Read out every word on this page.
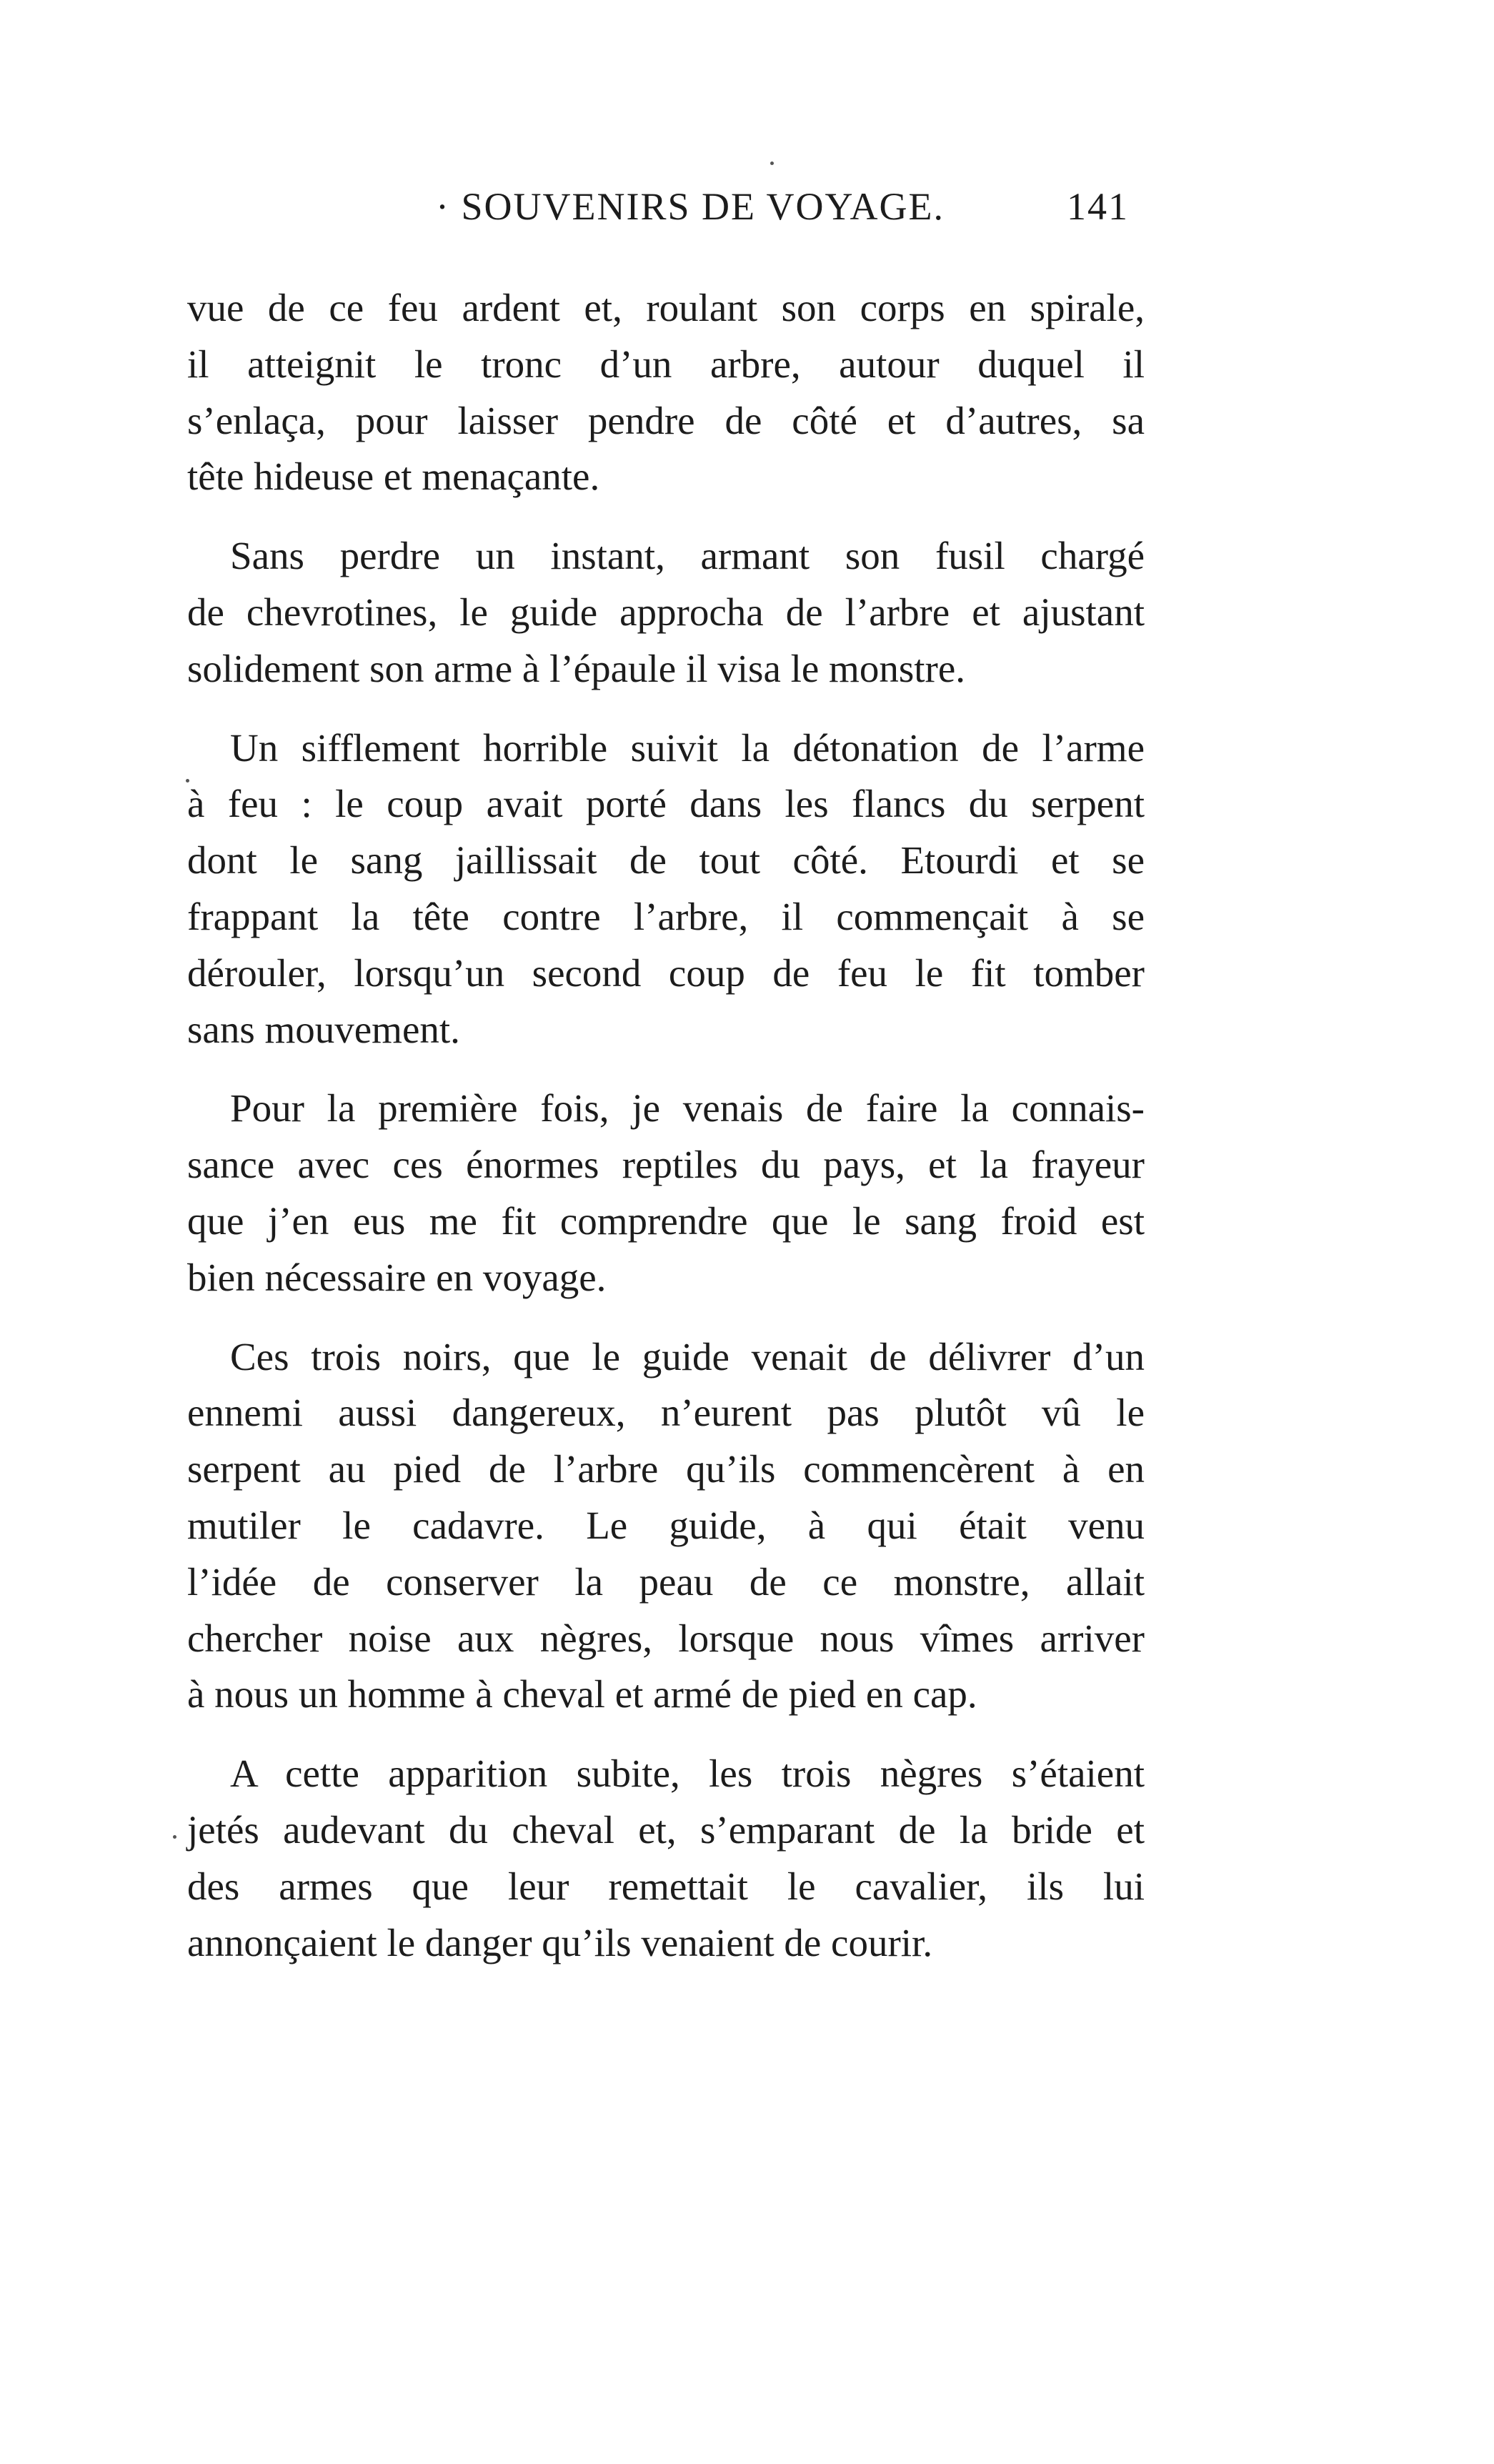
· SOUVENIRS DE VOYAGE.	141
vue de ce feu ardent et, roulant son corps en spirale,
il atteignit le tronc d’un arbre, autour duquel il
s’enlaça, pour laisser pendre de côté et d’autres, sa
tête hideuse et menaçante.
Sans perdre un instant, armant son fusil chargé
de chevrotines, le guide approcha de l’arbre et ajustant
solidement son arme à l’épaule il visa le monstre.
Un sifflement horrible suivit la détonation de l’arme
à feu : le coup avait porté dans les flancs du serpent
dont le sang jaillissait de tout côté. Etourdi et se
frappant la tête contre l’arbre, il commençait à se
dérouler, lorsqu’un second coup de feu le fit tomber
sans mouvement.
Pour la première fois, je venais de faire la connais-
sance avec ces énormes reptiles du pays, et la frayeur
que j’en eus me fit comprendre que le sang froid est
bien nécessaire en voyage.
Ces trois noirs, que le guide venait de délivrer d’un
ennemi aussi dangereux, n’eurent pas plutôt vû le
serpent au pied de l’arbre qu’ils commencèrent à en
mutiler le cadavre. Le guide, à qui était venu
l’idée de conserver la peau de ce monstre, allait
chercher noise aux nègres, lorsque nous vîmes arriver
à nous un homme à cheval et armé de pied en cap.
A cette apparition subite, les trois nègres s’étaient
jetés audevant du cheval et, s’emparant de la bride et
des armes que leur remettait le cavalier, ils lui
annonçaient le danger qu’ils venaient de courir.
